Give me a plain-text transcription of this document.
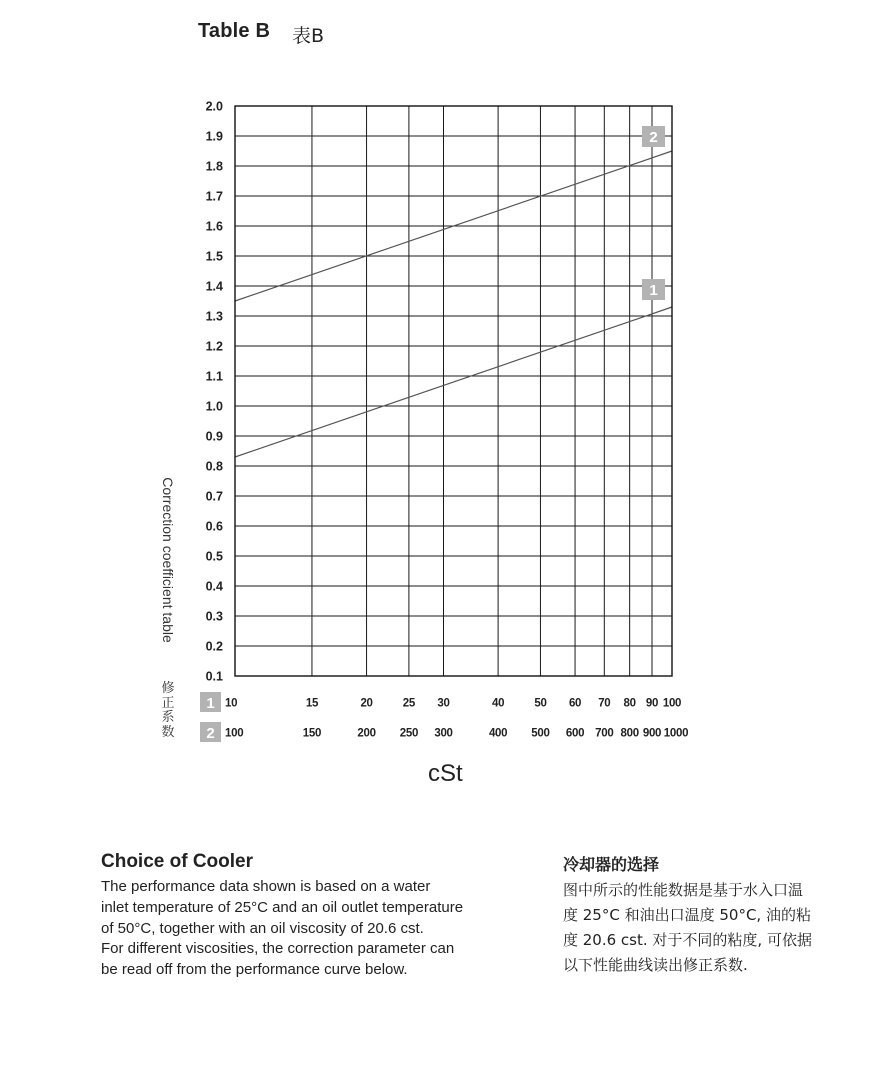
Table B 表B
2.0
1.9
1.8
1.7
1.6
1.5
1.4
1.3
1.2
1.1
1.0
0.9
0.8
0.7
0.6
0.5
0.4
0.3
0.2
0.1
1
2
1 10	15	20	25 30	40	50 60 70 80 90 100
2 100	150	200 250 300	400 500 600 700 800 900 1000
Correction coefficient table
修正系数
cSt
Choice of Cooler

The performance data shown is based on a water

inlet temperature of 25°C and an oil outlet temperature

of 50°C, together with an oil viscosity of 20.6 cst.

For different viscosities, the correction parameter can

be read off from the performance curve below.

冷却器的选择

图中所示的性能数据是基于水入口温

度 25°C 和油出口温度 50°C, 油的粘

度 20.6 cst. 对于不同的粘度, 可依据

以下性能曲线读出修正系数.
